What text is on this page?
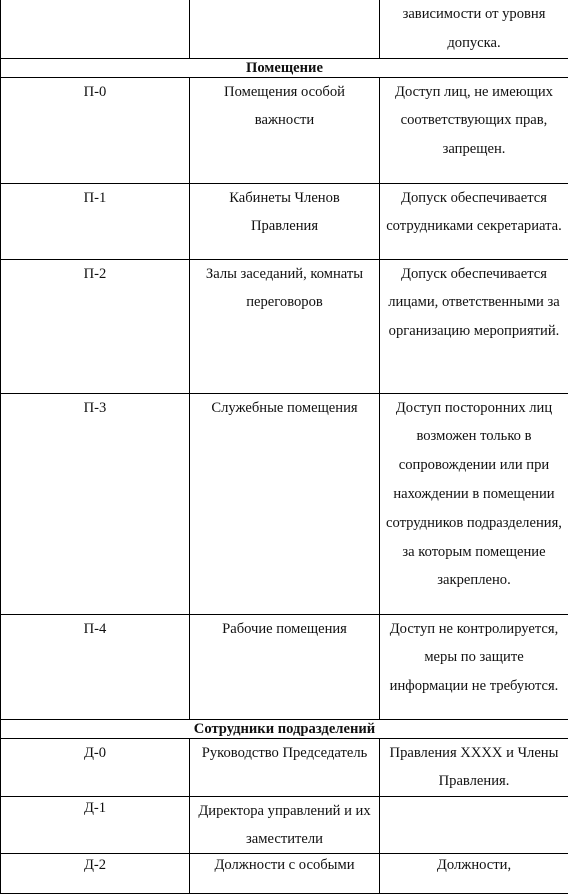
		зависимости от уровня допуска.
Помещение		
П-0	Помещения особой важности	Доступ лиц, не имеющих соответствующих прав, запрещен.
П-1	Кабинеты Членов Правления	Допуск обеспечивается сотрудниками секретариата.
П-2	Залы заседаний, комнаты переговоров	Допуск обеспечивается лицами, ответственными за организацию мероприятий.
П-3	Служебные помещения	Доступ посторонних лиц возможен только в сопровождении или при нахождении в помещении сотрудников подразделения, за которым помещение закреплено.
П-4	Рабочие помещения	Доступ не контролируется, меры по защите информации не требуются.
Сотрудники подразделений		
Д-0	Руководство Председатель	Правления XXXX и Члены Правления.
Д-1	Директора управлений и их заместители	
Д-2	Должности с особыми	Должности,
